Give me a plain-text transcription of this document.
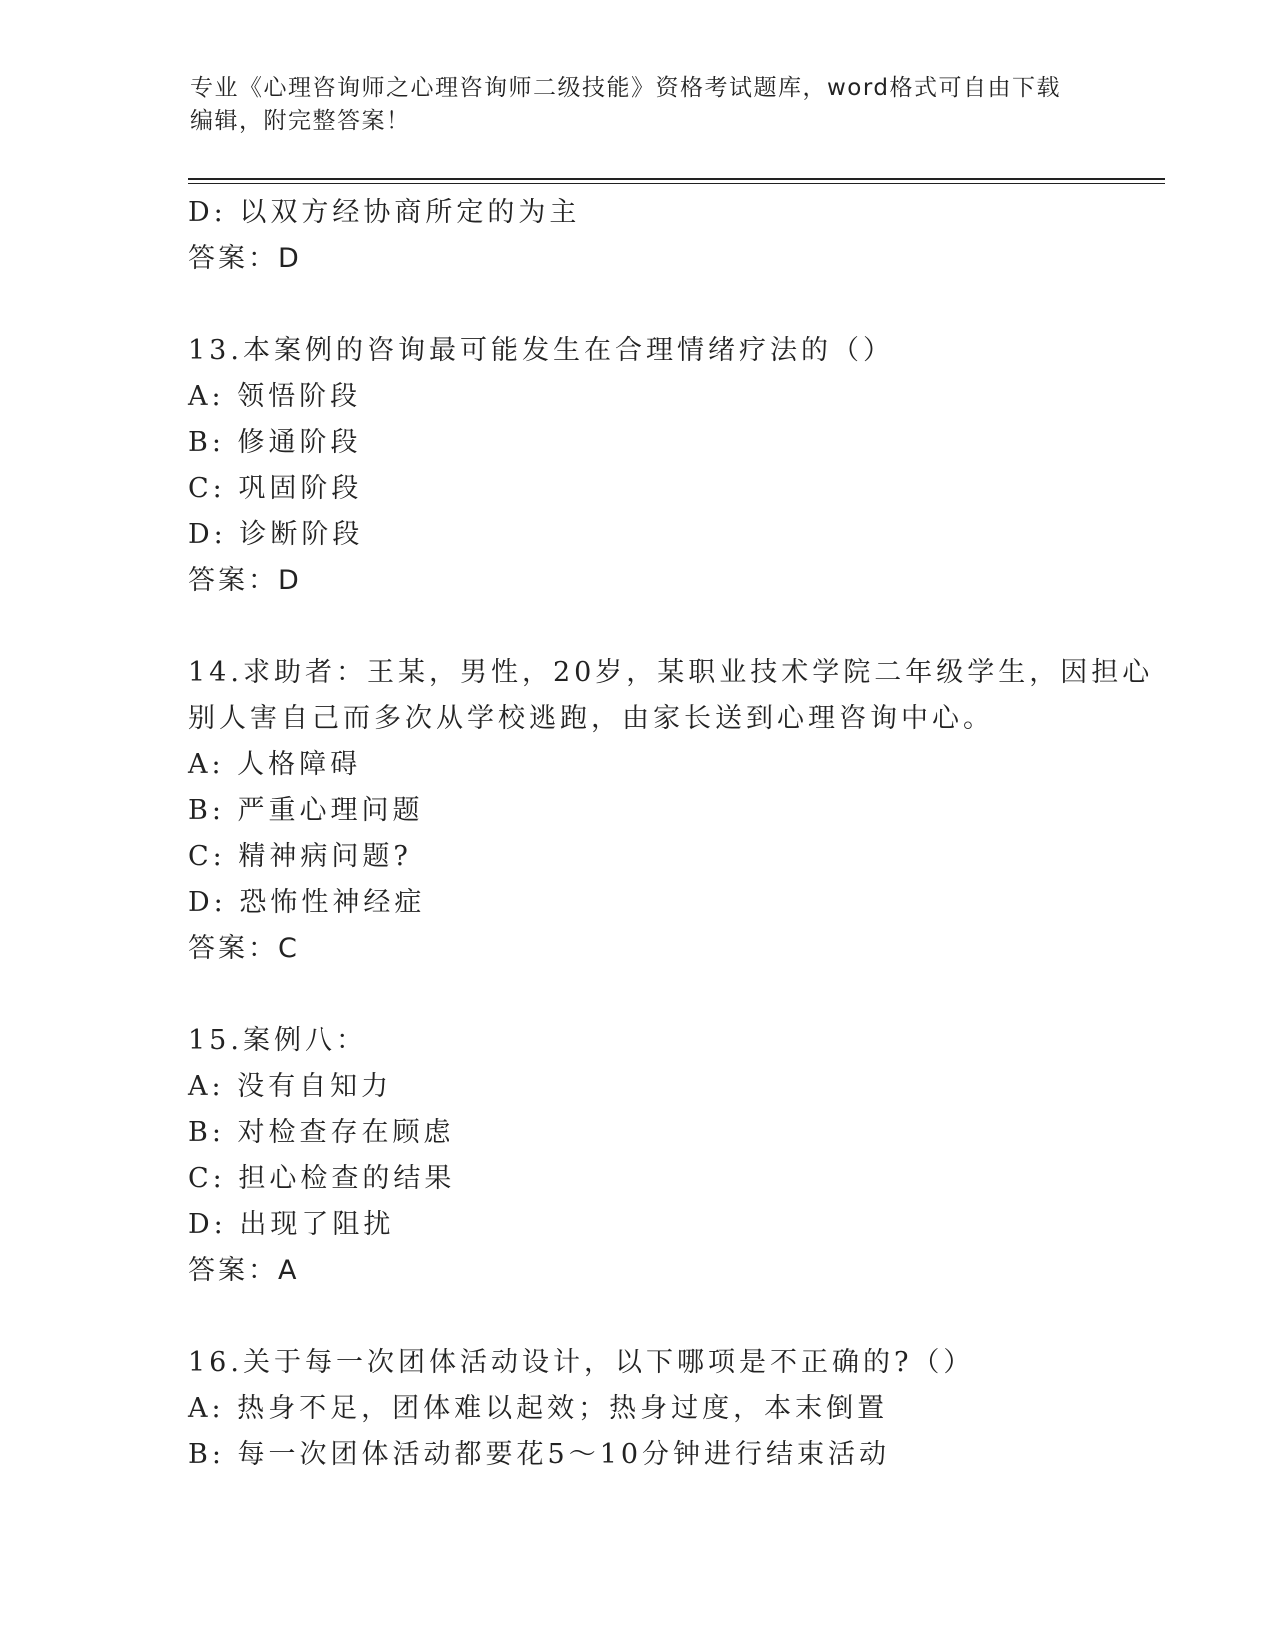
专业《心理咨询师之心理咨询师二级技能》资格考试题库，word格式可自由下载
编辑，附完整答案！
D: 以双方经协商所定的为主
答案：D
13.本案例的咨询最可能发生在合理情绪疗法的（）
A: 领悟阶段
B: 修通阶段
C: 巩固阶段
D: 诊断阶段
答案：D
14.求助者：王某，男性，20岁，某职业技术学院二年级学生，因担心
别人害自己而多次从学校逃跑，由家长送到心理咨询中心。
A: 人格障碍
B: 严重心理问题
C: 精神病问题?
D: 恐怖性神经症
答案：C
15.案例八：
A: 没有自知力
B: 对检查存在顾虑
C: 担心检查的结果
D: 出现了阻扰
答案：A
16.关于每一次团体活动设计，以下哪项是不正确的?（）
A: 热身不足，团体难以起效；热身过度，本末倒置
B: 每一次团体活动都要花5～10分钟进行结束活动
